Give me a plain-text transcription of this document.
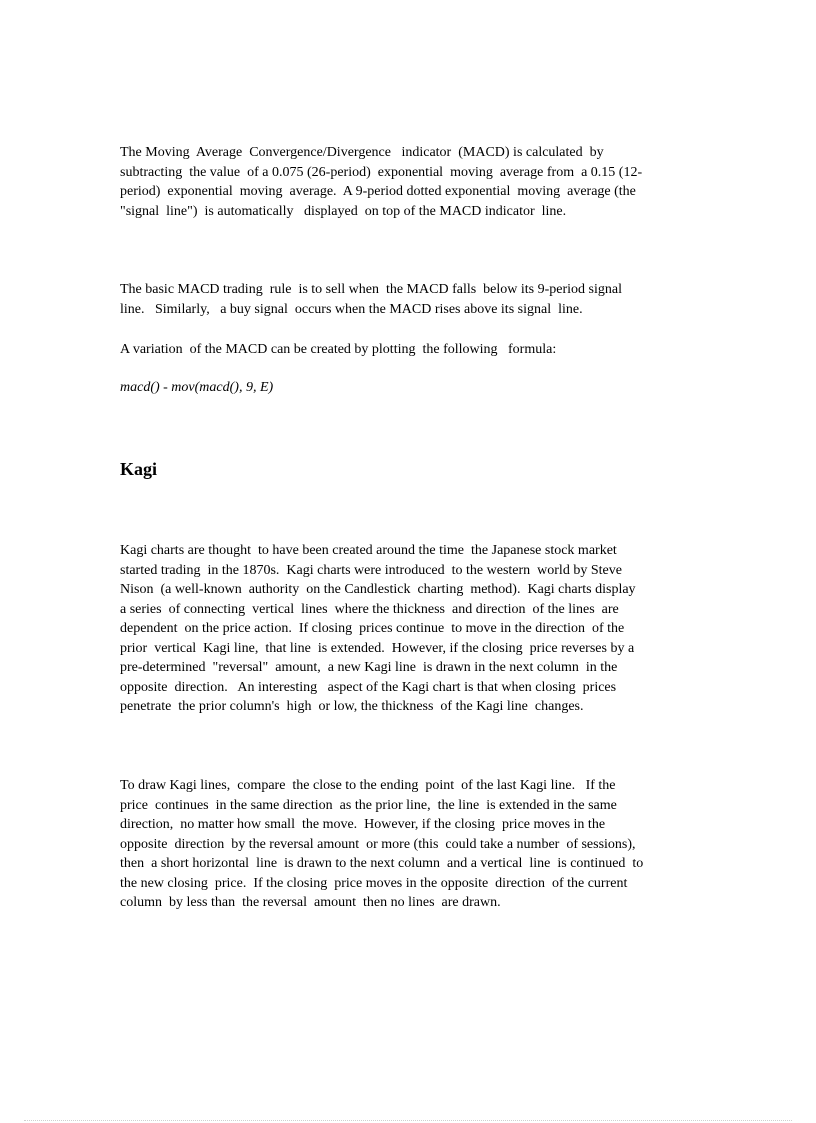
The Moving  Average  Convergence/Divergence   indicator  (MACD) is calculated  by
subtracting  the value  of a 0.075 (26-period)  exponential  moving  average from  a 0.15 (12-
period)  exponential  moving  average.  A 9-period dotted exponential  moving  average (the
"signal  line")  is automatically   displayed  on top of the MACD indicator  line.
The basic MACD trading  rule  is to sell when  the MACD falls  below its 9-period signal
line.   Similarly,   a buy signal  occurs when the MACD rises above its signal  line.
A variation  of the MACD can be created by plotting  the following   formula:
macd() - mov(macd(), 9, E)
Kagi
Kagi charts are thought  to have been created around the time  the Japanese stock market
started trading  in the 1870s.  Kagi charts were introduced  to the western  world by Steve
Nison  (a well-known  authority  on the Candlestick  charting  method).  Kagi charts display
a series  of connecting  vertical  lines  where the thickness  and direction  of the lines  are
dependent  on the price action.  If closing  prices continue  to move in the direction  of the
prior  vertical  Kagi line,  that line  is extended.  However, if the closing  price reverses by a
pre-determined  "reversal"  amount,  a new Kagi line  is drawn in the next column  in the
opposite  direction.   An interesting   aspect of the Kagi chart is that when closing  prices
penetrate  the prior column's  high  or low, the thickness  of the Kagi line  changes.
To draw Kagi lines,  compare  the close to the ending  point  of the last Kagi line.   If the
price  continues  in the same direction  as the prior line,  the line  is extended in the same
direction,  no matter how small  the move.  However, if the closing  price moves in the
opposite  direction  by the reversal amount  or more (this  could take a number  of sessions),
then  a short horizontal  line  is drawn to the next column  and a vertical  line  is continued  to
the new closing  price.  If the closing  price moves in the opposite  direction  of the current
column  by less than  the reversal  amount  then no lines  are drawn.
